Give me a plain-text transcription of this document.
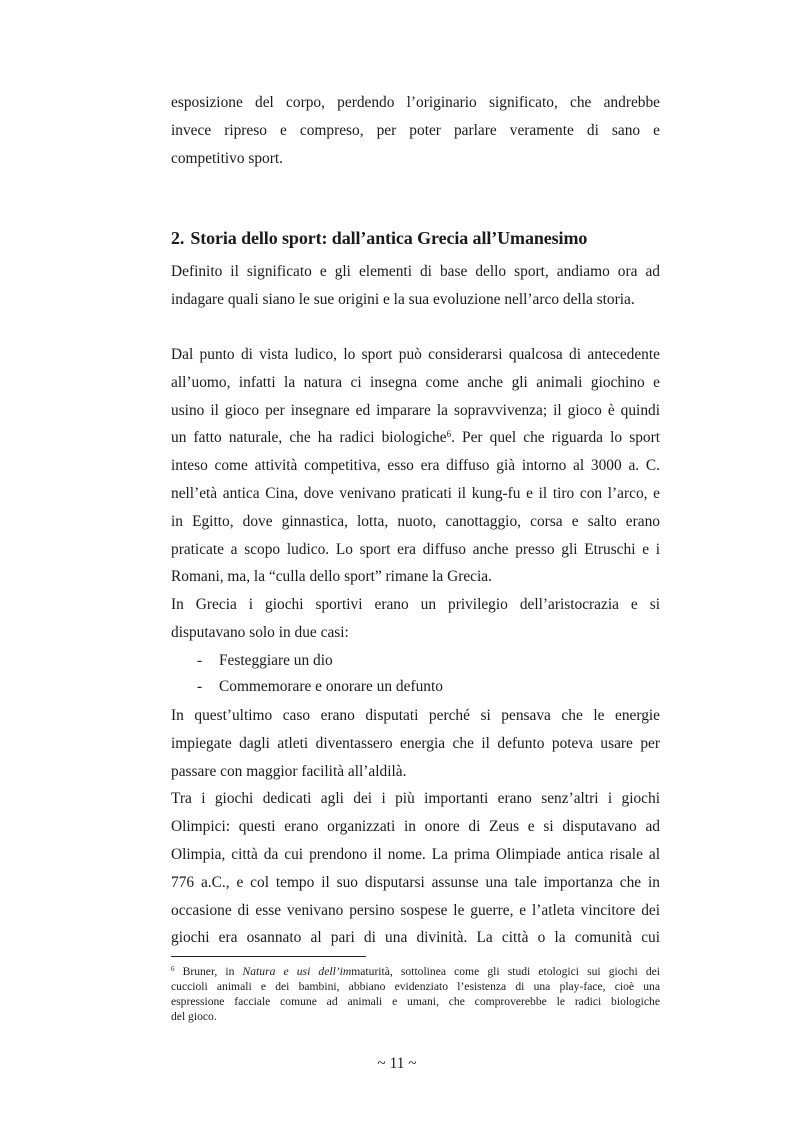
esposizione del corpo, perdendo l’originario significato, che andrebbe
invece ripreso e compreso, per poter parlare veramente di sano e
competitivo sport.
2. Storia dello sport: dall’antica Grecia all’Umanesimo
Definito il significato e gli elementi di base dello sport, andiamo ora ad
indagare quali siano le sue origini e la sua evoluzione nell’arco della storia.
Dal punto di vista ludico, lo sport può considerarsi qualcosa di antecedente
all’uomo, infatti la natura ci insegna come anche gli animali giochino e
usino il gioco per insegnare ed imparare la sopravvivenza; il gioco è quindi
un fatto naturale, che ha radici biologiche$^6$. Per quel che riguarda lo sport
inteso come attività competitiva, esso era diffuso già intorno al 3000 a. C.
nell’età antica Cina, dove venivano praticati il kung-fu e il tiro con l’arco, e
in Egitto, dove ginnastica, lotta, nuoto, canottaggio, corsa e salto erano
praticate a scopo ludico. Lo sport era diffuso anche presso gli Etruschi e i
Romani, ma, la “culla dello sport” rimane la Grecia.
In Grecia i giochi sportivi erano un privilegio dell’aristocrazia e si
disputavano solo in due casi:
- Festeggiare un dio
- Commemorare e onorare un defunto
In quest’ultimo caso erano disputati perché si pensava che le energie
impiegate dagli atleti diventassero energia che il defunto poteva usare per
passare con maggior facilità all’aldilà.
Tra i giochi dedicati agli dei i più importanti erano senz’altri i giochi
Olimpici: questi erano organizzati in onore di Zeus e si disputavano ad
Olimpia, città da cui prendono il nome. La prima Olimpiade antica risale al
776 a.C., e col tempo il suo disputarsi assunse una tale importanza che in
occasione di esse venivano persino sospese le guerre, e l’atleta vincitore dei
giochi era osannato al pari di una divinità. La città o la comunità cui
$^6$ Bruner, in Natura e usi dell’immaturità, sottolinea come gli studi etologici sui giochi dei
cuccioli animali e dei bambini, abbiano evidenziato l’esistenza di una play-face, cioè una
espressione facciale comune ad animali e umani, che comproverebbe le radici biologiche
del gioco.
~ 11 ~
